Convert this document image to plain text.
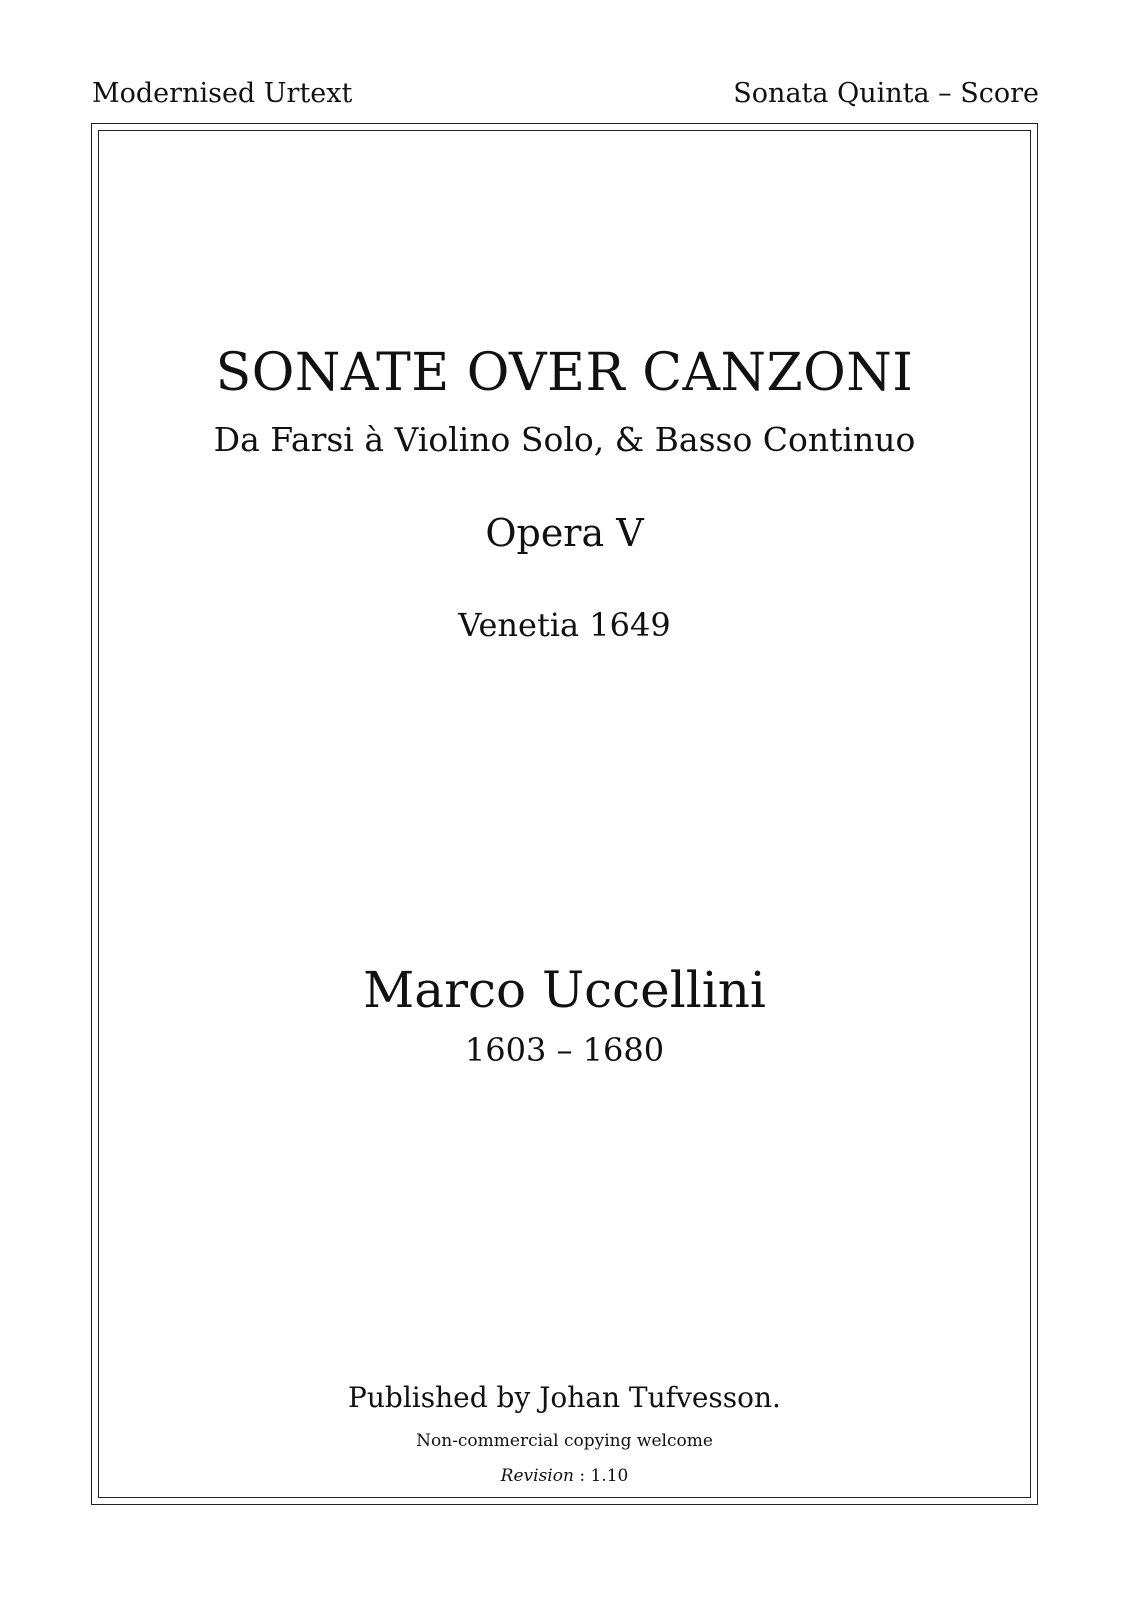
Modernised Urtext	Sonata Quinta – Score
SONATE OVER CANZONI
Da Farsi à Violino Solo, & Basso Continuo
Opera V
Venetia 1649
Marco Uccellini
1603 – 1680
Published by Johan Tufvesson.
Non-commercial copying welcome
Revision : 1.10
